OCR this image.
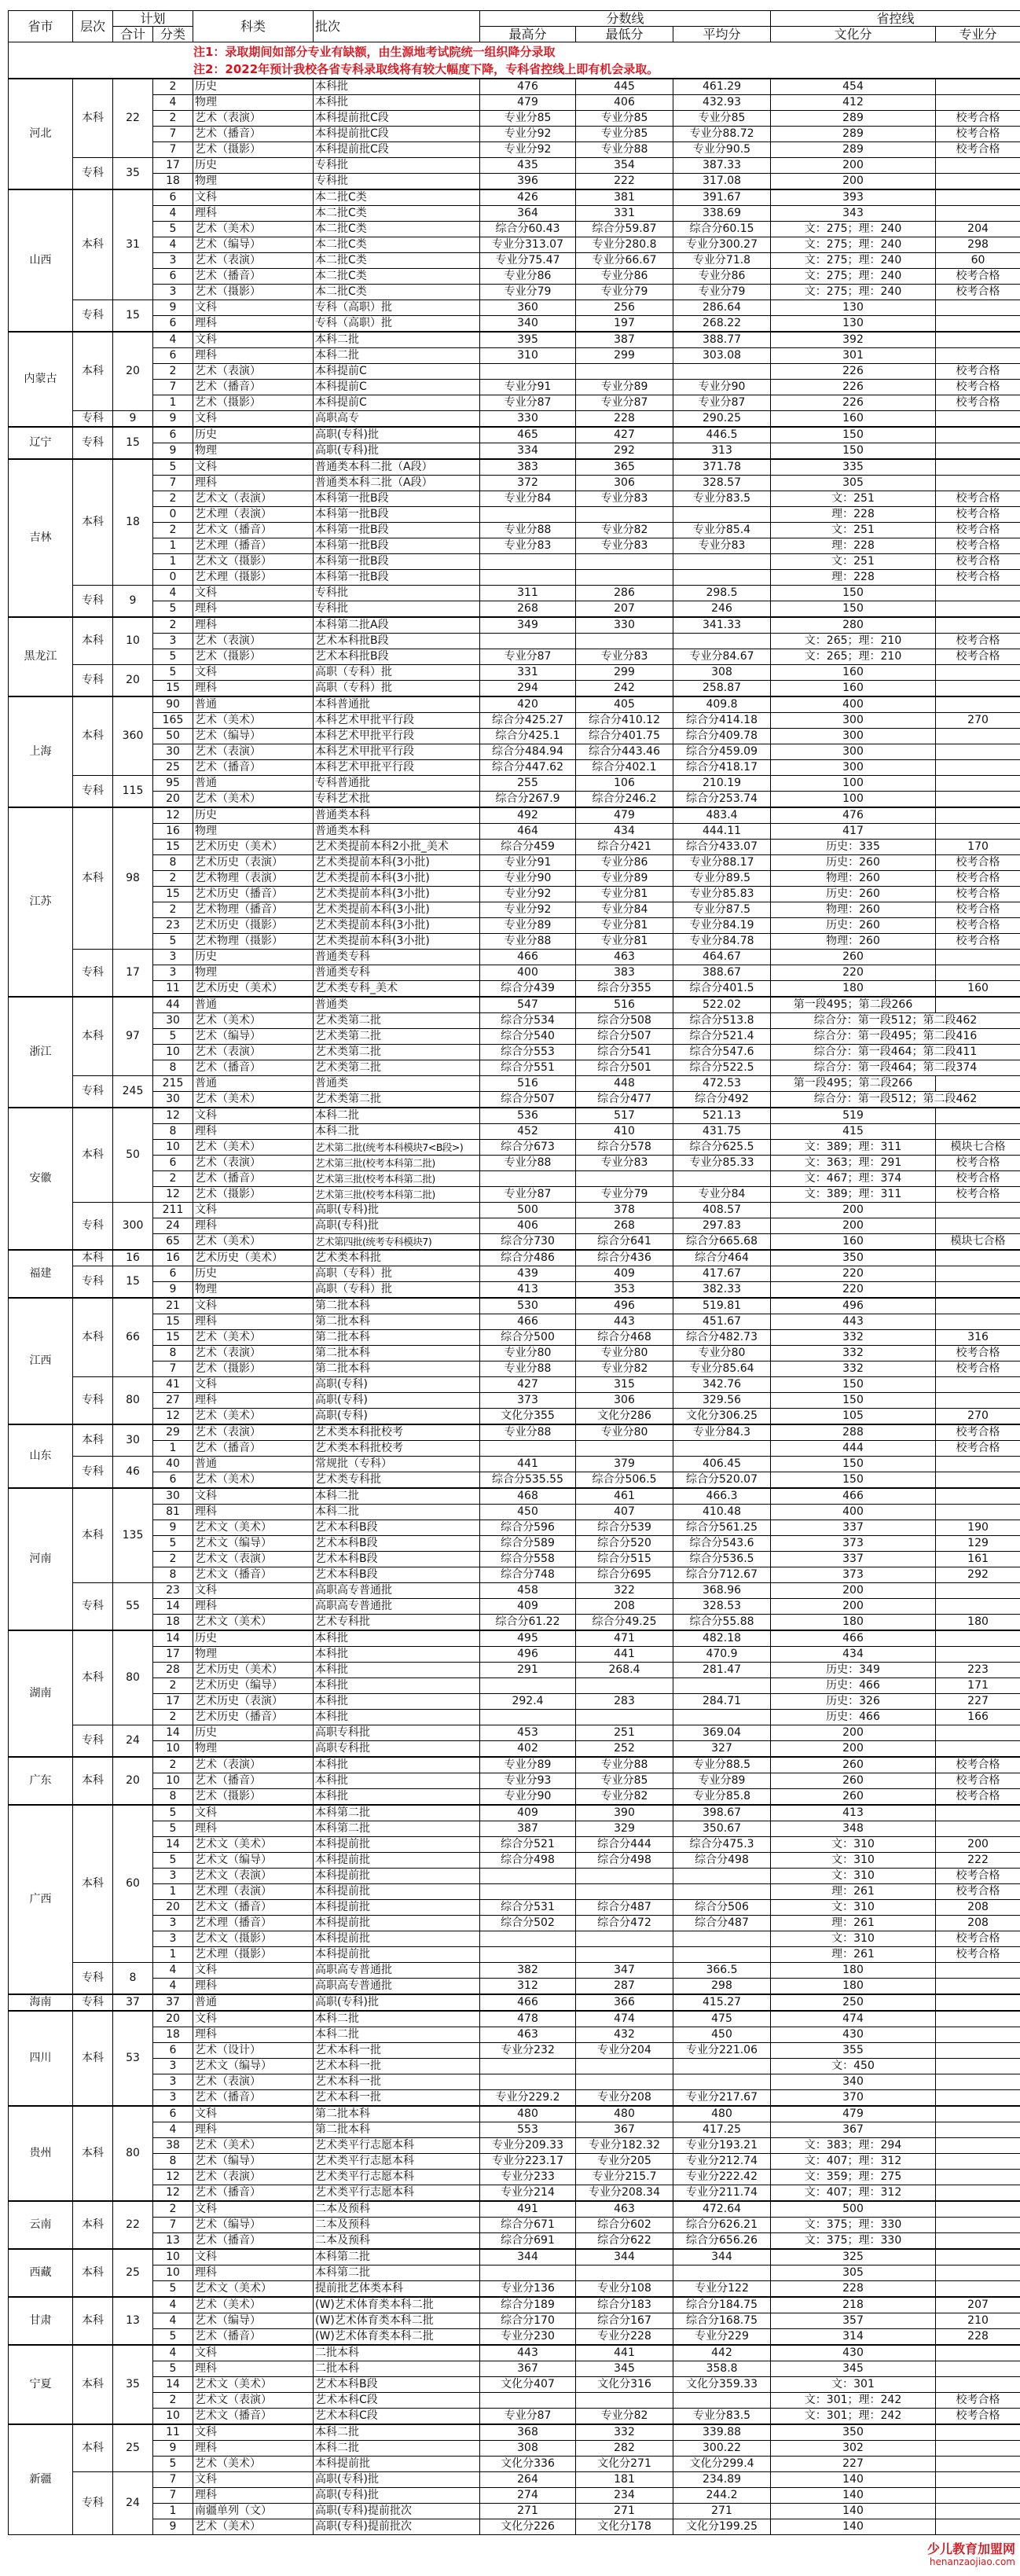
省市	层次	计划		科类	批次	分数线			省控线	
		合计	分类			最高分	最低分	平均分	文化分	专业分

注1：录取期间如部分专业有缺额，由生源地考试院统一组织降分录取
注2：2022年预计我校各省专科录取线将有较大幅度下降，专科省控线上即有机会录取。										

河北	本科	22	2	历史	本科批	476	445	461.29	454	
			4	物理	本科批	479	406	432.93	412	
			2	艺术（表演）	本科提前批C段	专业分85	专业分85	专业分85	289	校考合格
			7	艺术（播音）	本科提前批C段	专业分92	专业分85	专业分88.72	289	校考合格
			7	艺术（摄影）	本科提前批C段	专业分92	专业分88	专业分90.5	289	校考合格
	专科	35	17	历史	专科批	435	354	387.33	200	
			18	物理	专科批	396	222	317.08	200	
山西	本科	31	6	文科	本二批C类	426	381	391.67	393	
			4	理科	本二批C类	364	331	338.69	343	
			5	艺术（美术）	本二批C类	综合分60.43	综合分59.87	综合分60.15	文：275；理：240	204
			4	艺术（编导）	本二批C类	专业分313.07	专业分280.8	专业分300.27	文：275；理：240	298
			3	艺术（表演）	本二批C类	专业分75.47	专业分66.67	专业分71.8	文：275；理：240	60
			6	艺术（播音）	本二批C类	专业分86	专业分86	专业分86	文：275；理：240	校考合格
			3	艺术（摄影）	本二批C类	专业分79	专业分79	专业分79	文：275；理：240	校考合格
	专科	15	9	文科	专科（高职）批	360	256	286.64	130	
			6	理科	专科（高职）批	340	197	268.22	130	
内蒙古	本科	20	4	文科	本科二批	395	387	388.77	392	
			6	理科	本科二批	310	299	303.08	301	
			2	艺术（表演）	本科提前C				226	校考合格
			7	艺术（播音）	本科提前C	专业分91	专业分89	专业分90	226	校考合格
			1	艺术（摄影）	本科提前C	专业分87	专业分87	专业分87	226	校考合格
	专科	9	9	文科	高职高专	330	228	290.25	160	
辽宁	专科	15	6	历史	高职(专科)批	465	427	446.5	150	
			9	物理	高职(专科)批	334	292	313	150	
吉林	本科	18	5	文科	普通类本科二批（A段）	383	365	371.78	335	
			7	理科	普通类本科二批（A段）	372	306	328.57	305	
			2	艺术文（表演）	本科第一批B段	专业分84	专业分83	专业分83.5	文：251	校考合格
			0	艺术理（表演）	本科第一批B段				理：228	校考合格
			2	艺术文（播音）	本科第一批B段	专业分88	专业分82	专业分85.4	文：251	校考合格
			1	艺术理（播音）	本科第一批B段	专业分83	专业分83	专业分83	理：228	校考合格
			1	艺术文（摄影）	本科第一批B段				文：251	校考合格
			0	艺术理（摄影）	本科第一批B段				理：228	校考合格
	专科	9	4	文科	专科批	311	286	298.5	150	
			5	理科	专科批	268	207	246	150	
黑龙江	本科	10	2	理科	本科第二批A段	349	330	341.33	280	
			3	艺术（表演）	艺术本科批B段				文：265；理：210	校考合格
			5	艺术（摄影）	艺术本科批B段	专业分87	专业分83	专业分84.67	文：265；理：210	校考合格
	专科	20	5	文科	高职（专科）批	331	299	308	160	
			15	理科	高职（专科）批	294	242	258.87	160	
上海	本科	360	90	普通	本科普通批	420	405	409.8	400	
			165	艺术（美术）	本科艺术甲批平行段	综合分425.27	综合分410.12	综合分414.18	300	270
			50	艺术（编导）	本科艺术甲批平行段	综合分425.1	综合分401.75	综合分409.78	300	
			30	艺术（表演）	本科艺术甲批平行段	综合分484.94	综合分443.46	综合分459.09	300	
			25	艺术（播音）	本科艺术甲批平行段	综合分447.62	综合分402.1	综合分418.17	300	
	专科	115	95	普通	专科普通批	255	106	210.19	100	
			20	艺术（美术）	专科艺术批	综合分267.9	综合分246.2	综合分253.74	100	
江苏	本科	98	12	历史	普通类本科	492	479	483.4	476	
			16	物理	普通类本科	464	434	444.11	417	
			15	艺术历史（美术）	艺术类提前本科2小批_美术	综合分459	综合分421	综合分433.07	历史：335	170
			8	艺术历史（表演）	艺术类提前本科(3小批)	专业分91	专业分86	专业分88.17	历史：260	校考合格
			2	艺术物理（表演）	艺术类提前本科(3小批)	专业分90	专业分89	专业分89.5	物理：260	校考合格
			15	艺术历史（播音）	艺术类提前本科(3小批)	专业分92	专业分81	专业分85.83	历史：260	校考合格
			2	艺术物理（播音）	艺术类提前本科(3小批)	专业分92	专业分84	专业分87.5	物理：260	校考合格
			23	艺术历史（摄影）	艺术类提前本科(3小批)	专业分89	专业分81	专业分84.19	历史：260	校考合格
			5	艺术物理（摄影）	艺术类提前本科(3小批)	专业分88	专业分81	专业分84.78	物理：260	校考合格
	专科	17	3	历史	普通类专科	466	463	464.67	260	
			3	物理	普通类专科	400	383	388.67	220	
			11	艺术历史（美术）	艺术类专科_美术	综合分439	综合分355	综合分401.5	180	160
浙江	本科	97	44	普通	普通类	547	516	522.02	第一段495；第二段266	
			30	艺术（美术）	艺术类第二批	综合分534	综合分508	综合分513.8	综合分：第一段512；第二段462	
			5	艺术（编导）	艺术类第二批	综合分540	综合分507	综合分521.4	综合分：第一段495；第二段416	
			10	艺术（表演）	艺术类第二批	综合分553	综合分541	综合分547.6	综合分：第一段464；第二段411	
			8	艺术（播音）	艺术类第二批	综合分551	综合分501	综合分522.5	综合分：第一段464；第二段374	
	专科	245	215	普通	普通类	516	448	472.53	第一段495；第二段266	
			30	艺术（美术）	艺术类第二批	综合分507	综合分477	综合分492	综合分：第一段512；第二段462	
安徽	本科	50	12	文科	本科二批	536	517	521.13	519	
			8	理科	本科二批	452	410	431.75	415	
			10	艺术（美术）	艺术第二批(统考本科模块7<B段>)	综合分673	综合分578	综合分625.5	文：389；理：311	模块七合格
			6	艺术（表演）	艺术第三批(校考本科第二批)	专业分88	专业分83	专业分85.33	文：363；理：291	校考合格
			2	艺术（播音）	艺术第三批(校考本科第二批)				文：467；理：374	校考合格
			12	艺术（摄影）	艺术第三批(校考本科第二批)	专业分87	专业分79	专业分84	文：389；理：311	校考合格
	专科	300	211	文科	高职(专科)批	500	378	408.57	200	
			24	理科	高职(专科)批	406	268	297.83	200	
			65	艺术（美术）	艺术第四批(统考专科模块7)	综合分730	综合分641	综合分665.68	160	模块七合格
福建	本科	16	16	艺术历史（美术）	艺术类本科批	综合分486	综合分436	综合分464	350	
	专科	15	6	历史	高职（专科）批	439	409	417.67	220	
			9	物理	高职（专科）批	413	353	382.33	220	
江西	本科	66	21	文科	第二批本科	530	496	519.81	496	
			15	理科	第二批本科	466	443	451.67	443	
			15	艺术（美术）	第二批本科	综合分500	综合分468	综合分482.73	332	316
			8	艺术（表演）	第二批本科	专业分80	专业分80	专业分80	332	校考合格
			7	艺术（摄影）	第二批本科	专业分88	专业分82	专业分85.64	332	校考合格
	专科	80	41	文科	高职(专科)	427	315	342.76	150	
			27	理科	高职(专科)	373	306	329.56	150	
			12	艺术（美术）	高职(专科)	文化分355	文化分286	文化分306.25	105	270
山东	本科	30	29	艺术（表演）	艺术类本科批校考	专业分88	专业分80	专业分84.3	288	校考合格
			1	艺术（播音）	艺术类本科批校考				444	校考合格
	专科	46	40	普通	常规批（专科）	441	379	406.45	150	
			6	艺术（美术）	艺术类专科批	综合分535.55	综合分506.5	综合分520.07	150	
河南	本科	135	30	文科	本科二批	468	461	466.3	466	
			81	理科	本科二批	450	407	410.48	400	
			9	艺术文（美术）	艺术本科B段	综合分596	综合分539	综合分561.25	337	190
			5	艺术文（编导）	艺术本科B段	综合分589	综合分520	综合分543.6	373	129
			2	艺术文（表演）	艺术本科B段	综合分558	综合分515	综合分536.5	337	161
			8	艺术文（播音）	艺术本科B段	综合分748	综合分695	综合分712.67	373	292
	专科	55	23	文科	高职高专普通批	458	322	368.96	200	
			14	理科	高职高专普通批	409	208	328.53	200	
			18	艺术文（美术）	艺术专科批	综合分61.22	综合分49.25	综合分55.88	180	180
湖南	本科	80	14	历史	本科批	495	471	482.18	466	
			17	物理	本科批	496	441	470.9	434	
			28	艺术历史（美术）	本科批	291	268.4	281.47	历史：349	223
			2	艺术历史（编导）	本科批				历史：466	171
			17	艺术历史（表演）	本科批	292.4	283	284.71	历史：326	227
			2	艺术历史（播音）	本科批				历史：466	166
	专科	24	14	历史	高职专科批	453	251	369.04	200	
			10	物理	高职专科批	402	252	327	200	
广东	本科	20	2	艺术（表演）	本科批	专业分89	专业分88	专业分88.5	260	校考合格
			10	艺术（播音）	本科批	专业分93	专业分85	专业分89	260	校考合格
			8	艺术（摄影）	本科批	专业分90	专业分82	专业分85.8	260	校考合格
广西	本科	60	5	文科	本科第二批	409	390	398.67	413	
			5	理科	本科第二批	387	329	350.67	348	
			14	艺术文（美术）	本科提前批	综合分521	综合分444	综合分475.3	文：310	200
			5	艺术文（编导）	本科提前批	综合分498	综合分498	综合分498	文：310	222
			3	艺术文（表演）	本科提前批				文：310	校考合格
			1	艺术理（表演）	本科提前批				理：261	校考合格
			20	艺术文（播音）	本科提前批	综合分531	综合分487	综合分506	文：310	208
			3	艺术理（播音）	本科提前批	综合分502	综合分472	综合分487	理：261	208
			3	艺术文（摄影）	本科提前批				文：310	校考合格
			1	艺术理（摄影）	本科提前批				理：261	校考合格
	专科	8	4	文科	高职高专普通批	382	347	366.5	180	
			4	理科	高职高专普通批	312	287	298	180	
海南	专科	37	37	普通	高职(专科)批	466	366	415.27	250	
四川	本科	53	20	文科	本科二批	478	474	475	474	
			18	理科	本科二批	463	432	450	430	
			6	艺术（设计）	艺术本科一批	专业分232	专业分204	专业分221.06	355	
			3	艺术文（编导）	艺术本科一批				文：450	
			3	艺术（表演）	艺术本科一批				340	
			3	艺术（播音）	艺术本科一批	专业分229.2	专业分208	专业分217.67	370	
贵州	本科	80	6	文科	第二批本科	480	480	480	479	
			4	理科	第二批本科	553	367	417.25	367	
			38	艺术（美术）	艺术类平行志愿本科	专业分209.33	专业分182.32	专业分193.21	文：383；理：294	
			8	艺术（编导）	艺术类平行志愿本科	专业分223.17	专业分205	专业分212.74	文：407；理：312	
			12	艺术（表演）	艺术类平行志愿本科	专业分233	专业分215.7	专业分222.42	文：359；理：275	
			12	艺术（播音）	艺术类平行志愿本科	专业分214	专业分208.34	专业分211.74	文：407；理：312	
云南	本科	22	2	文科	二本及预科	491	463	472.64	500	
			7	艺术（编导）	二本及预科	综合分671	综合分602	综合分626.21	文：375；理：330	
			13	艺术（播音）	二本及预科	综合分691	综合分622	综合分656.26	文：375；理：330	
西藏	本科	25	10	文科	本科第二批	344	344	344	325	
			10	理科	本科第二批				305	
			5	艺术文（美术）	提前批艺体类本科	专业分136	专业分108	专业分122	228	
甘肃	本科	13	4	艺术（美术）	(W)艺术体育类本科二批	综合分189	综合分183	综合分184.75	218	207
			4	艺术（编导）	(W)艺术体育类本科二批	综合分170	综合分167	综合分168.75	357	210
			5	艺术（播音）	(W)艺术体育类本科二批	专业分230	专业分228	专业分229	314	228
宁夏	本科	35	4	文科	二批本科	443	441	442	430	
			5	理科	二批本科	367	345	358.8	345	
			14	艺术文（美术）	艺术本科B段	文化分407	文化分316	文化分359.33	文：301	
			2	艺术文（表演）	艺术本科C段				文：301；理：242	校考合格
			10	艺术文（播音）	艺术本科C段	专业分87	专业分82	专业分83.5	文：301；理：242	校考合格
新疆	本科	25	11	文科	本科二批	368	332	339.88	350	
			9	理科	本科二批	308	282	300.22	302	
			5	艺术（美术）	本科提前批	文化分336	文化分271	文化分299.4	227	
	专科	24	7	文科	高职(专科)批	264	181	234.89	140	
			7	理科	高职(专科)批	274	234	244.2	140	
			1	南疆单列（文）	高职(专科)提前批次	271	271	271	140	
			9	艺术（美术）	高职(专科)提前批次	文化分226	文化分178	文化分199.25	140	
少儿教育加盟网
henanzaojiao.com
